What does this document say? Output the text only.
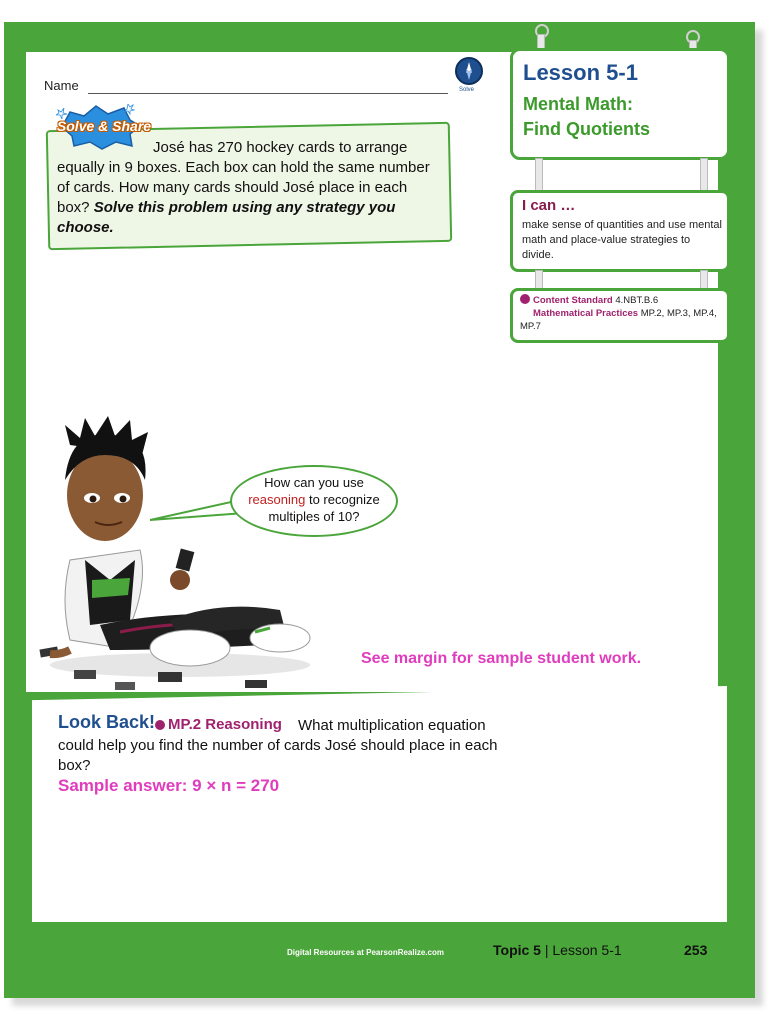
Name	Solve
Solve & Share
José has 270 hockey cards to arrange equally in 9 boxes. Each box can hold the same number of cards. How many cards should José place in each box? Solve this problem using any strategy you choose.
Lesson 5-1
Mental Math:
Find Quotients
I can …
make sense of quantities and use mental math and place-value strategies to divide.
Content Standard 4.NBT.B.6
Mathematical Practices MP.2, MP.3, MP.4, MP.7
How can you use
reasoning to recognize multiples of 10?
See margin for sample student work.
What multiplication equation could help you find the number of cards José should place in each box?
Look Back! MP.2 Reasoning
Sample answer: 9 × n = 270
Digital Resources at PearsonRealize.com	Topic 5 | Lesson 5-1	253
